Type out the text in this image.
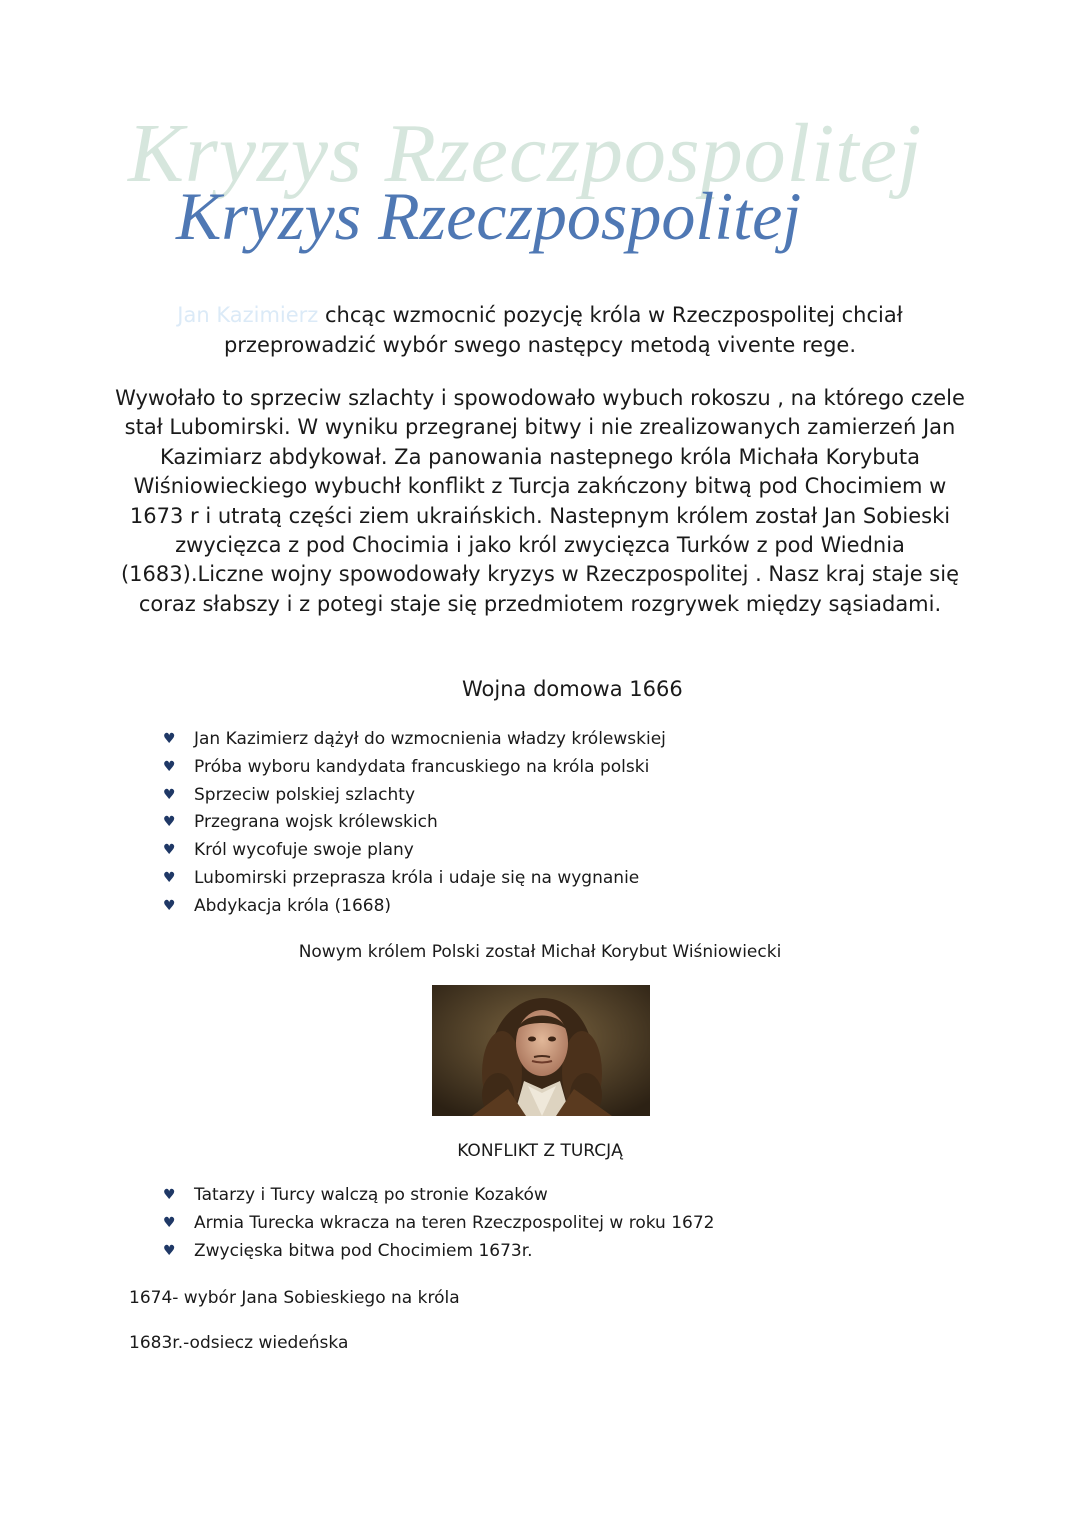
Kryzys Rzeczpospolitej
Kryzys Rzeczpospolitej

Jan Kazimierz chcąc wzmocnić pozycję króla w Rzeczpospolitej chciał przeprowadzić wybór swego następcy metodą vivente rege.

Wywołało to sprzeciw szlachty i spowodowało wybuch rokoszu , na którego czele stał Lubomirski. W wyniku przegranej bitwy i nie zrealizowanych zamierzeń Jan Kazimiarz abdykował. Za panowania nastepnego króla Michała Korybuta Wiśniowieckiego wybuchł konflikt z Turcja zakńczony bitwą pod Chocimiem w 1673 r i utratą części ziem ukraińskich. Nastepnym królem został Jan Sobieski zwycięzca z pod Chocimia i jako król zwycięzca Turków z pod Wiednia (1683).Liczne wojny spowodowały kryzys w Rzeczpospolitej . Nasz kraj staje się coraz słabszy i z potegi staje się przedmiotem rozgrywek między sąsiadami.

Wojna domowa 1666
♥ Jan Kazimierz dążył do wzmocnienia władzy królewskiej
♥ Próba wyboru kandydata francuskiego na króla polski
♥ Sprzeciw polskiej szlachty
♥ Przegrana wojsk królewskich
♥ Król wycofuje swoje plany
♥ Lubomirski przeprasza króla i udaje się na wygnanie
♥ Abdykacja króla (1668)

Nowym królem Polski został Michał Korybut Wiśniowiecki

KONFLIKT Z TURCJĄ
♥ Tatarzy i Turcy walczą po stronie Kozaków
♥ Armia Turecka wkracza na teren Rzeczpospolitej w roku 1672
♥ Zwycięska bitwa pod Chocimiem 1673r.

1674- wybór Jana Sobieskiego na króla

1683r.-odsiecz wiedeńska
